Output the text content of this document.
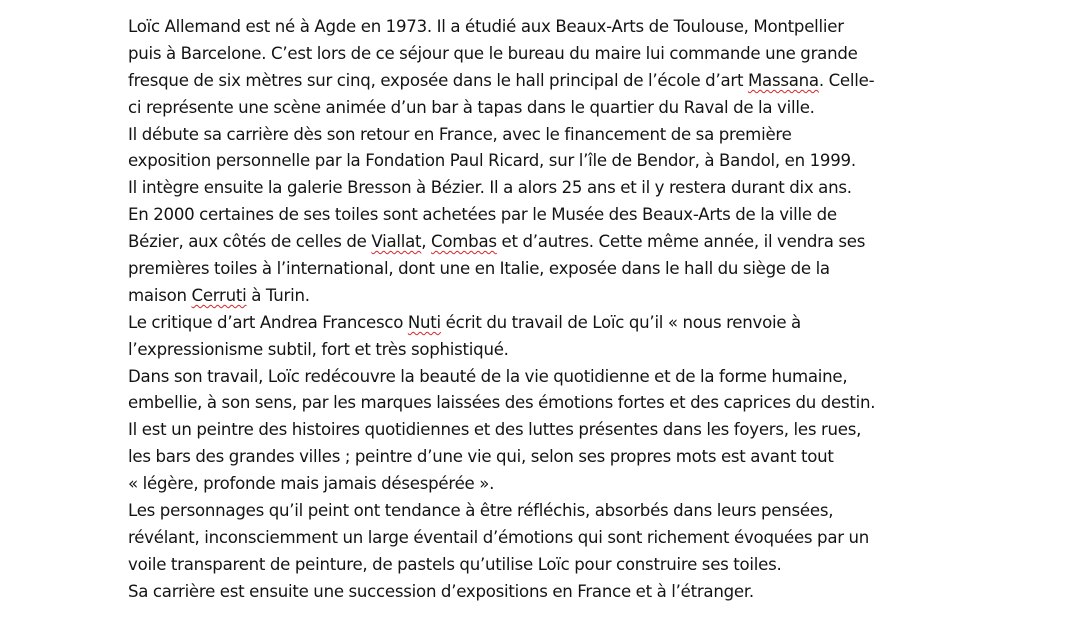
Loïc Allemand est né à Agde en 1973. Il a étudié aux Beaux-Arts de Toulouse, Montpellier
puis à Barcelone. C’est lors de ce séjour que le bureau du maire lui commande une grande
fresque de six mètres sur cinq, exposée dans le hall principal de l’école d’art Massana. Celle-
ci représente une scène animée d’un bar à tapas dans le quartier du Raval de la ville.
Il débute sa carrière dès son retour en France, avec le financement de sa première
exposition personnelle par la Fondation Paul Ricard, sur l’île de Bendor, à Bandol, en 1999.
Il intègre ensuite la galerie Bresson à Bézier. Il a alors 25 ans et il y restera durant dix ans.
En 2000 certaines de ses toiles sont achetées par le Musée des Beaux-Arts de la ville de
Bézier, aux côtés de celles de Viallat, Combas et d’autres. Cette même année, il vendra ses
premières toiles à l’international, dont une en Italie, exposée dans le hall du siège de la
maison Cerruti à Turin.
Le critique d’art Andrea Francesco Nuti écrit du travail de Loïc qu’il « nous renvoie à
l’expressionisme subtil, fort et très sophistiqué.
Dans son travail, Loïc redécouvre la beauté de la vie quotidienne et de la forme humaine,
embellie, à son sens, par les marques laissées des émotions fortes et des caprices du destin.
Il est un peintre des histoires quotidiennes et des luttes présentes dans les foyers, les rues,
les bars des grandes villes ; peintre d’une vie qui, selon ses propres mots est avant tout
« légère, profonde mais jamais désespérée ».
Les personnages qu’il peint ont tendance à être réfléchis, absorbés dans leurs pensées,
révélant, inconsciemment un large éventail d’émotions qui sont richement évoquées par un
voile transparent de peinture, de pastels qu’utilise Loïc pour construire ses toiles.
Sa carrière est ensuite une succession d’expositions en France et à l’étranger.
